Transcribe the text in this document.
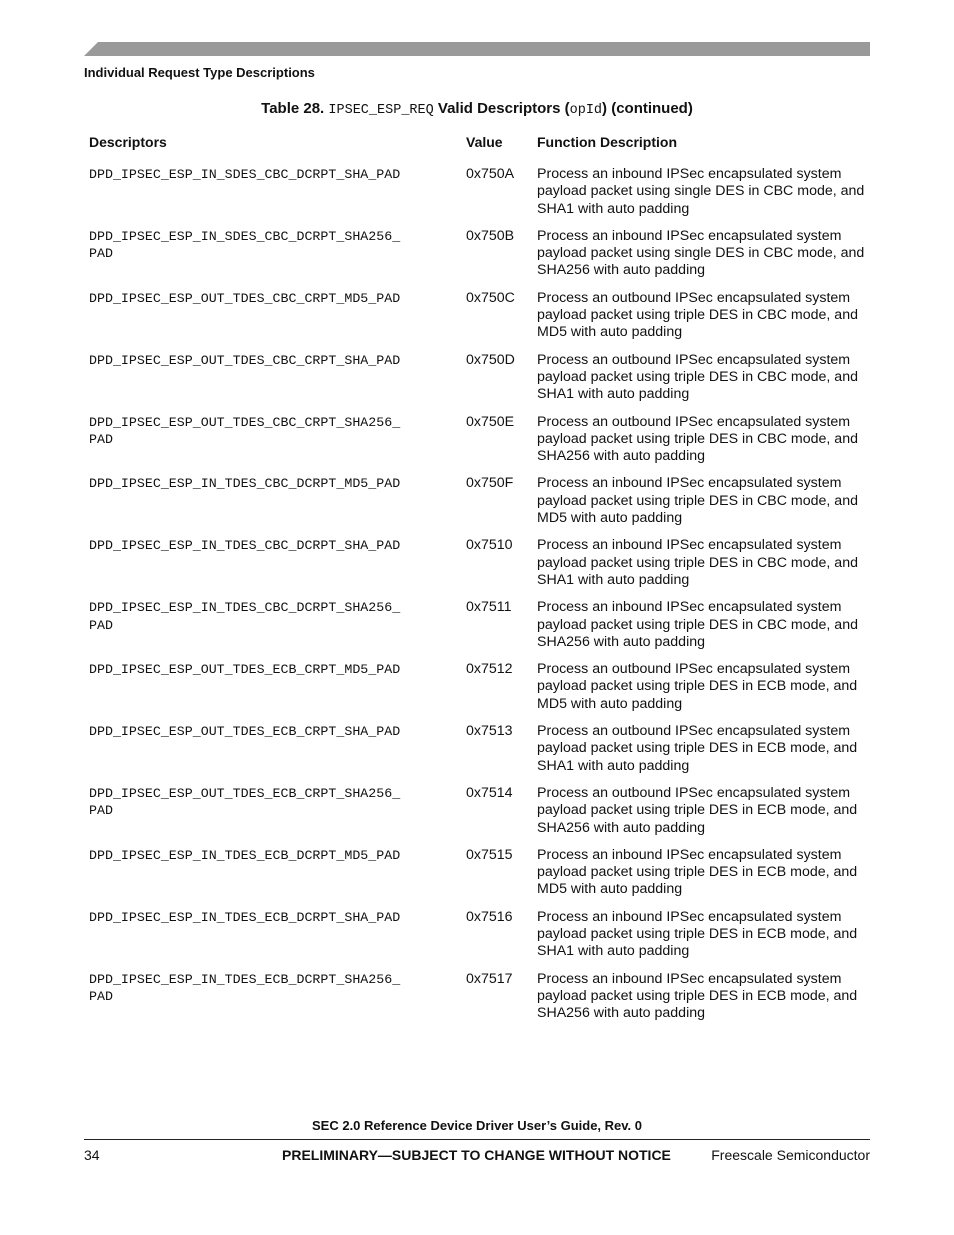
Individual Request Type Descriptions
Table 28. IPSEC_ESP_REQ Valid Descriptors (opId) (continued)
Descriptors	Value	Function Description
DPD_IPSEC_ESP_IN_SDES_CBC_DCRPT_SHA_PAD	0x750A	Process an inbound IPSec encapsulated system payload packet using single DES in CBC mode, and SHA1 with auto padding
DPD_IPSEC_ESP_IN_SDES_CBC_DCRPT_SHA256_
PAD	0x750B	Process an inbound IPSec encapsulated system payload packet using single DES in CBC mode, and SHA256 with auto padding
DPD_IPSEC_ESP_OUT_TDES_CBC_CRPT_MD5_PAD	0x750C	Process an outbound IPSec encapsulated system payload packet using triple DES in CBC mode, and MD5 with auto padding
DPD_IPSEC_ESP_OUT_TDES_CBC_CRPT_SHA_PAD	0x750D	Process an outbound IPSec encapsulated system payload packet using triple DES in CBC mode, and SHA1 with auto padding
DPD_IPSEC_ESP_OUT_TDES_CBC_CRPT_SHA256_
PAD	0x750E	Process an outbound IPSec encapsulated system payload packet using triple DES in CBC mode, and SHA256 with auto padding
DPD_IPSEC_ESP_IN_TDES_CBC_DCRPT_MD5_PAD	0x750F	Process an inbound IPSec encapsulated system payload packet using triple DES in CBC mode, and MD5 with auto padding
DPD_IPSEC_ESP_IN_TDES_CBC_DCRPT_SHA_PAD	0x7510	Process an inbound IPSec encapsulated system payload packet using triple DES in CBC mode, and SHA1 with auto padding
DPD_IPSEC_ESP_IN_TDES_CBC_DCRPT_SHA256_
PAD	0x7511	Process an inbound IPSec encapsulated system payload packet using triple DES in CBC mode, and SHA256 with auto padding
DPD_IPSEC_ESP_OUT_TDES_ECB_CRPT_MD5_PAD	0x7512	Process an outbound IPSec encapsulated system payload packet using triple DES in ECB mode, and MD5 with auto padding
DPD_IPSEC_ESP_OUT_TDES_ECB_CRPT_SHA_PAD	0x7513	Process an outbound IPSec encapsulated system payload packet using triple DES in ECB mode, and SHA1 with auto padding
DPD_IPSEC_ESP_OUT_TDES_ECB_CRPT_SHA256_
PAD	0x7514	Process an outbound IPSec encapsulated system payload packet using triple DES in ECB mode, and SHA256 with auto padding
DPD_IPSEC_ESP_IN_TDES_ECB_DCRPT_MD5_PAD	0x7515	Process an inbound IPSec encapsulated system payload packet using triple DES in ECB mode, and MD5 with auto padding
DPD_IPSEC_ESP_IN_TDES_ECB_DCRPT_SHA_PAD	0x7516	Process an inbound IPSec encapsulated system payload packet using triple DES in ECB mode, and SHA1 with auto padding
DPD_IPSEC_ESP_IN_TDES_ECB_DCRPT_SHA256_
PAD	0x7517	Process an inbound IPSec encapsulated system payload packet using triple DES in ECB mode, and SHA256 with auto padding
SEC 2.0 Reference Device Driver User’s Guide, Rev. 0
34	PRELIMINARY—SUBJECT TO CHANGE WITHOUT NOTICE	Freescale Semiconductor
